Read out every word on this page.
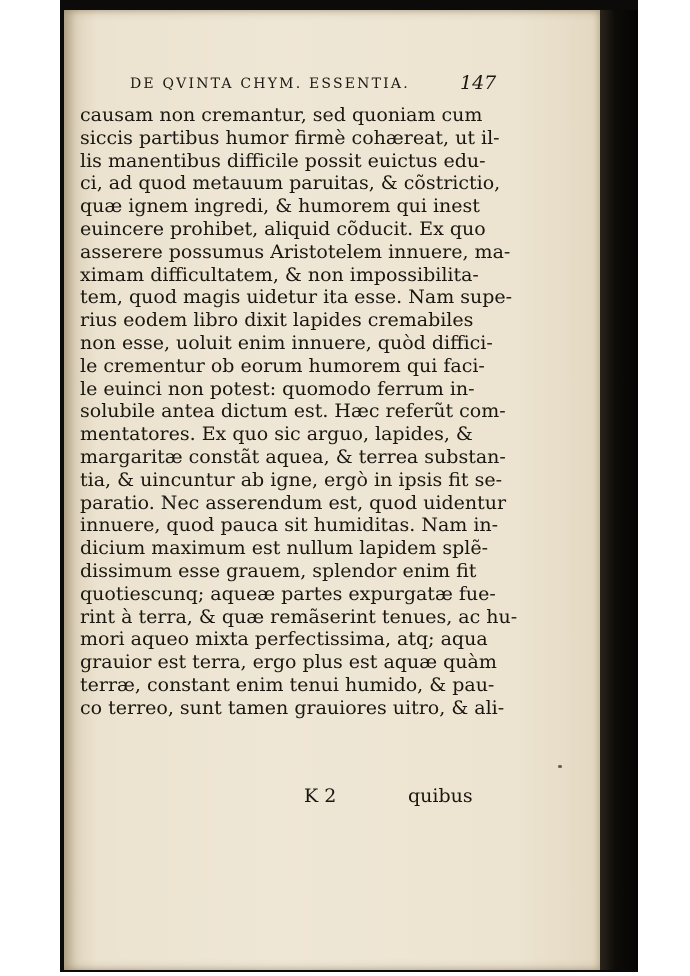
DE QVINTA CHYM. ESSENTIA.	147
causam non cremantur, sed quoniam cum
siccis partibus humor firmè cohæreat, ut il-
lis manentibus difficile possit euictus edu-
ci, ad quod metauum paruitas, & cõstrictio,
quæ ignem ingredi, & humorem qui inest
euincere prohibet, aliquid cõducit. Ex quo
asserere possumus Aristotelem innuere, ma-
ximam difficultatem, & non impossibilita-
tem, quod magis uidetur ita esse. Nam supe-
rius eodem libro dixit lapides cremabiles
non esse, uoluit enim innuere, quòd diffici-
le crementur ob eorum humorem qui faci-
le euinci non potest: quomodo ferrum in-
solubile antea dictum est. Hæc referũt com-
mentatores. Ex quo sic arguo, lapides, &
margaritæ constãt aquea, & terrea substan-
tia, & uincuntur ab igne, ergò in ipsis fit se-
paratio. Nec asserendum est, quod uidentur
innuere, quod pauca sit humiditas. Nam in-
dicium maximum est nullum lapidem splẽ-
dissimum esse grauem, splendor enim fit
quotiescunq; aqueæ partes expurgatæ fue-
rint à terra, & quæ remãserint tenues, ac hu-
mori aqueo mixta perfectissima, atq; aqua
grauior est terra, ergo plus est aquæ quàm
terræ, constant enim tenui humido, & pau-
co terreo, sunt tamen grauiores uitro, & ali-
K 2	quibus
